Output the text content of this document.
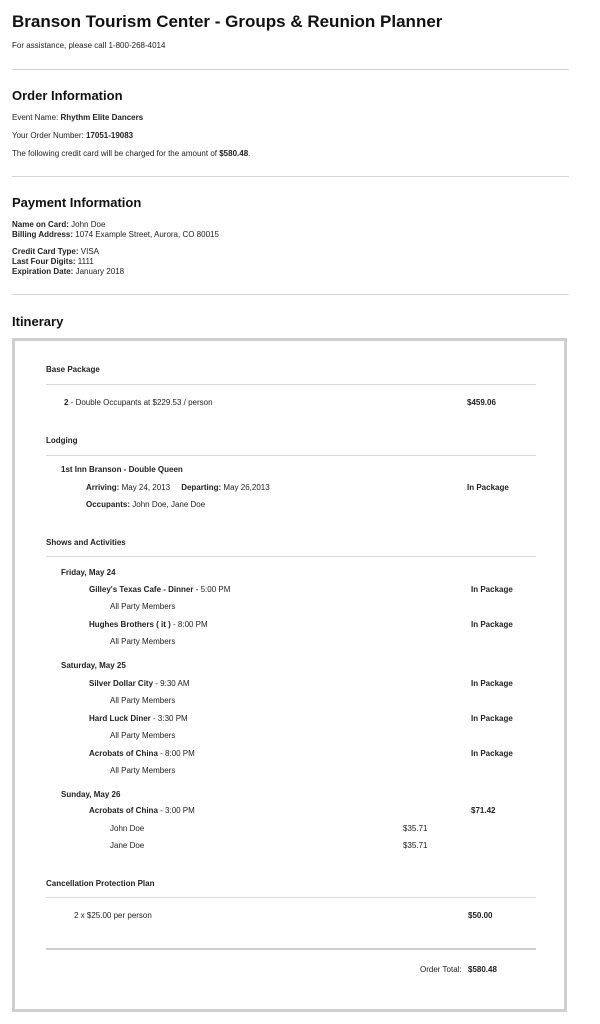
Branson Tourism Center - Groups & Reunion Planner
For assistance, please call 1-800-268-4014
Order Information
Event Name: Rhythm Elite Dancers
Your Order Number: 17051-19083
The following credit card will be charged for the amount of $580.48.
Payment Information
Name on Card: John Doe
Billing Address: 1074 Example Street, Aurora, CO 80015
Credit Card Type: VISA
Last Four Digits: 1111
Expiration Date: January 2018
Itinerary
Base Package
2 - Double Occupants at $229.53 / person	$459.06
Lodging
1st Inn Branson - Double Queen
Arriving: May 24, 2013 Departing: May 26,2013	In Package
Occupants: John Doe, Jane Doe
Shows and Activities
Friday, May 24
Gilley's Texas Cafe - Dinner - 5:00 PM	In Package
All Party Members
Hughes Brothers ( it ) - 8:00 PM	In Package
All Party Members
Saturday, May 25
Silver Dollar City - 9:30 AM	In Package
All Party Members
Hard Luck Diner - 3:30 PM	In Package
All Party Members
Acrobats of China - 8:00 PM	In Package
All Party Members
Sunday, May 26
Acrobats of China - 3:00 PM	$71.42
John Doe	$35.71
Jane Doe	$35.71
Cancellation Protection Plan
2 x $25.00 per person	$50.00
Order Total: $580.48
